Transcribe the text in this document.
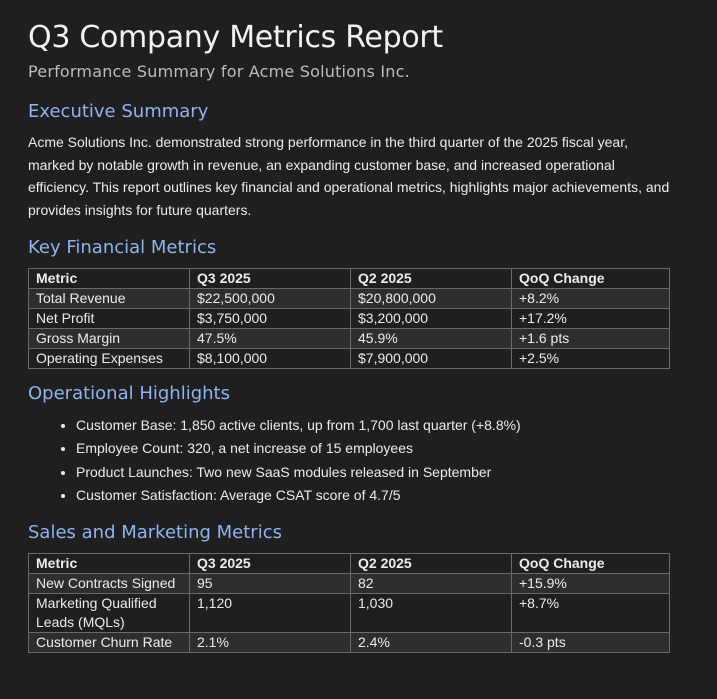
Q3 Company Metrics Report
Performance Summary for Acme Solutions Inc.
Executive Summary

Acme Solutions Inc. demonstrated strong performance in the third quarter of the 2025 fiscal year, marked by notable growth in revenue, an expanding customer base, and increased operational efficiency. This report outlines key financial and operational metrics, highlights major achievements, and provides insights for future quarters.

Key Financial Metrics
Metric	Q3 2025	Q2 2025	QoQ Change
Total Revenue	$22,500,000	$20,800,000	+8.2%
Net Profit	$3,750,000	$3,200,000	+17.2%
Gross Margin	47.5%	45.9%	+1.6 pts
Operating Expenses	$8,100,000	$7,900,000	+2.5%
Operational Highlights
• Customer Base: 1,850 active clients, up from 1,700 last quarter (+8.8%)
• Employee Count: 320, a net increase of 15 employees
• Product Launches: Two new SaaS modules released in September
• Customer Satisfaction: Average CSAT score of 4.7/5
Sales and Marketing Metrics
Metric	Q3 2025	Q2 2025	QoQ Change
New Contracts Signed	95	82	+15.9%
Marketing Qualified Leads (MQLs)	1,120	1,030	+8.7%
Customer Churn Rate	2.1%	2.4%	-0.3 pts
